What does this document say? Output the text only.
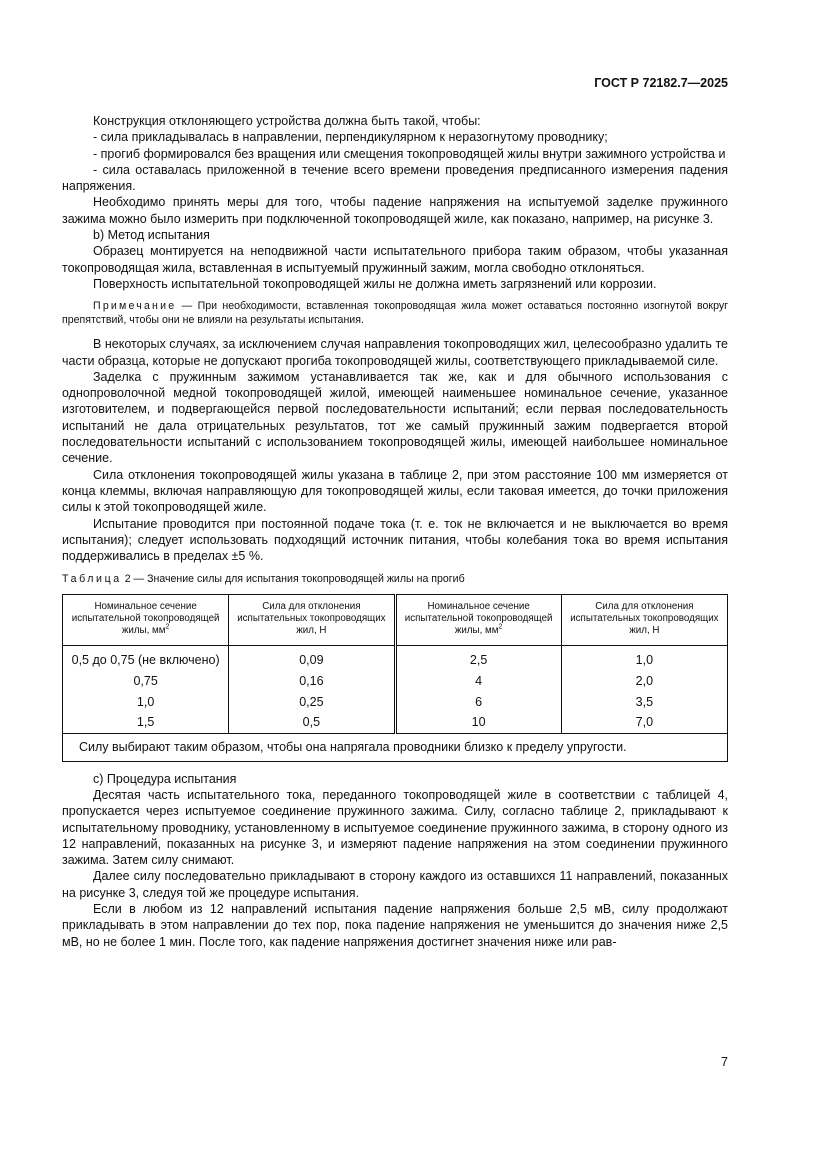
ГОСТ Р 72182.7—2025

Конструкция отклоняющего устройства должна быть такой, чтобы:

- сила прикладывалась в направлении, перпендикулярном к неразогнутому проводнику;

- прогиб формировался без вращения или смещения токопроводящей жилы внутри зажимного устройства и

- сила оставалась приложенной в течение всего времени проведения предписанного измерения падения напряжения.

Необходимо принять меры для того, чтобы падение напряжения на испытуемой заделке пружинного зажима можно было измерить при подключенной токопроводящей жиле, как показано, например, на рисунке 3.

b) Метод испытания

Образец монтируется на неподвижной части испытательного прибора таким образом, чтобы указанная токопроводящая жила, вставленная в испытуемый пружинный зажим, могла свободно отклоняться.

Поверхность испытательной токопроводящей жилы не должна иметь загрязнений или коррозии.

Примечание — При необходимости, вставленная токопроводящая жила может оставаться постоянно изогнутой вокруг препятствий, чтобы они не влияли на результаты испытания.

В некоторых случаях, за исключением случая направления токопроводящих жил, целесообразно удалить те части образца, которые не допускают прогиба токопроводящей жилы, соответствующего прикладываемой силе.

Заделка с пружинным зажимом устанавливается так же, как и для обычного использования с однопроволочной медной токопроводящей жилой, имеющей наименьшее номинальное сечение, указанное изготовителем, и подвергающейся первой последовательности испытаний; если первая последовательность испытаний не дала отрицательных результатов, тот же самый пружинный зажим подвергается второй последовательности испытаний с использованием токопроводящей жилы, имеющей наибольшее номинальное сечение.

Сила отклонения токопроводящей жилы указана в таблице 2, при этом расстояние 100 мм измеряется от конца клеммы, включая направляющую для токопроводящей жилы, если таковая имеется, до точки приложения силы к этой токопроводящей жиле.

Испытание проводится при постоянной подаче тока (т. е. ток не включается и не выключается во время испытания); следует использовать подходящий источник питания, чтобы колебания тока во время испытания поддерживались в пределах ±5 %.

Таблица 2 — Значение силы для испытания токопроводящей жилы на прогиб

Номинальное сечение испытательной токопроводящей жилы, $мм^2$	Сила для отклонения испытательных токопроводящих жил, Н	Номинальное сечение испытательной токопроводящей жилы, $мм^2$	Сила для отклонения испытательных токопроводящих жил, Н
0,5 до 0,75 (не включено)	0,09	2,5	1,0
0,75	0,16	4	2,0
1,0	0,25	6	3,5
1,5	0,5	10	7,0
Силу выбирают таким образом, чтобы она напрягала проводники близко к пределу упругости.			

c) Процедура испытания

Десятая часть испытательного тока, переданного токопроводящей жиле в соответствии с таблицей 4, пропускается через испытуемое соединение пружинного зажима. Силу, согласно таблице 2, прикладывают к испытательному проводнику, установленному в испытуемое соединение пружинного зажима, в сторону одного из 12 направлений, показанных на рисунке 3, и измеряют падение напряжения на этом соединении пружинного зажима. Затем силу снимают.

Далее силу последовательно прикладывают в сторону каждого из оставшихся 11 направлений, показанных на рисунке 3, следуя той же процедуре испытания.

Если в любом из 12 направлений испытания падение напряжения больше 2,5 мВ, силу продолжают прикладывать в этом направлении до тех пор, пока падение напряжения не уменьшится до значения ниже 2,5 мВ, но не более 1 мин. После того, как падение напряжения достигнет значения ниже или рав-

7
